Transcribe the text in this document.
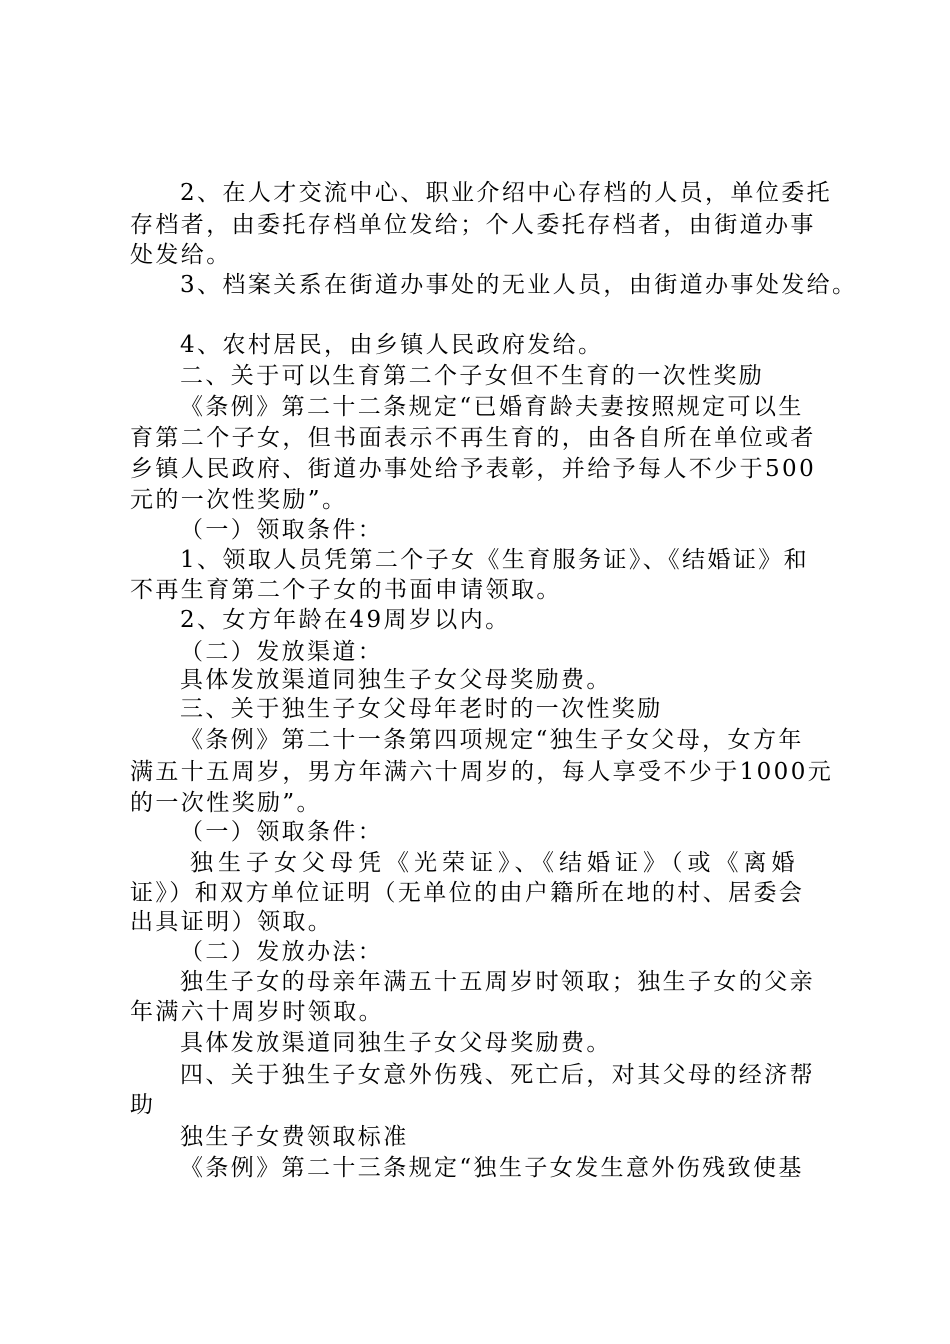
2、在人才交流中心、职业介绍中心存档的人员，单位委托
存档者，由委托存档单位发给；个人委托存档者，由街道办事
处发给。
3、档案关系在街道办事处的无业人员，由街道办事处发给。
4、农村居民，由乡镇人民政府发给。
二、关于可以生育第二个子女但不生育的一次性奖励
《条例》第二十二条规定“已婚育龄夫妻按照规定可以生
育第二个子女，但书面表示不再生育的，由各自所在单位或者
乡镇人民政府、街道办事处给予表彰，并给予每人不少于500
元的一次性奖励”。
（一）领取条件：
1、领取人员凭第二个子女《生育服务证》、《结婚证》和
不再生育第二个子女的书面申请领取。
2、女方年龄在49周岁以内。
（二）发放渠道：
具体发放渠道同独生子女父母奖励费。
三、关于独生子女父母年老时的一次性奖励
《条例》第二十一条第四项规定“独生子女父母，女方年
满五十五周岁，男方年满六十周岁的，每人享受不少于1000元
的一次性奖励”。
（一）领取条件：
独生子女父母凭《光荣证》、《结婚证》（或《离婚
证》）和双方单位证明（无单位的由户籍所在地的村、居委会
出具证明）领取。
（二）发放办法：
独生子女的母亲年满五十五周岁时领取；独生子女的父亲
年满六十周岁时领取。
具体发放渠道同独生子女父母奖励费。
四、关于独生子女意外伤残、死亡后，对其父母的经济帮
助
独生子女费领取标准
《条例》第二十三条规定“独生子女发生意外伤残致使基
